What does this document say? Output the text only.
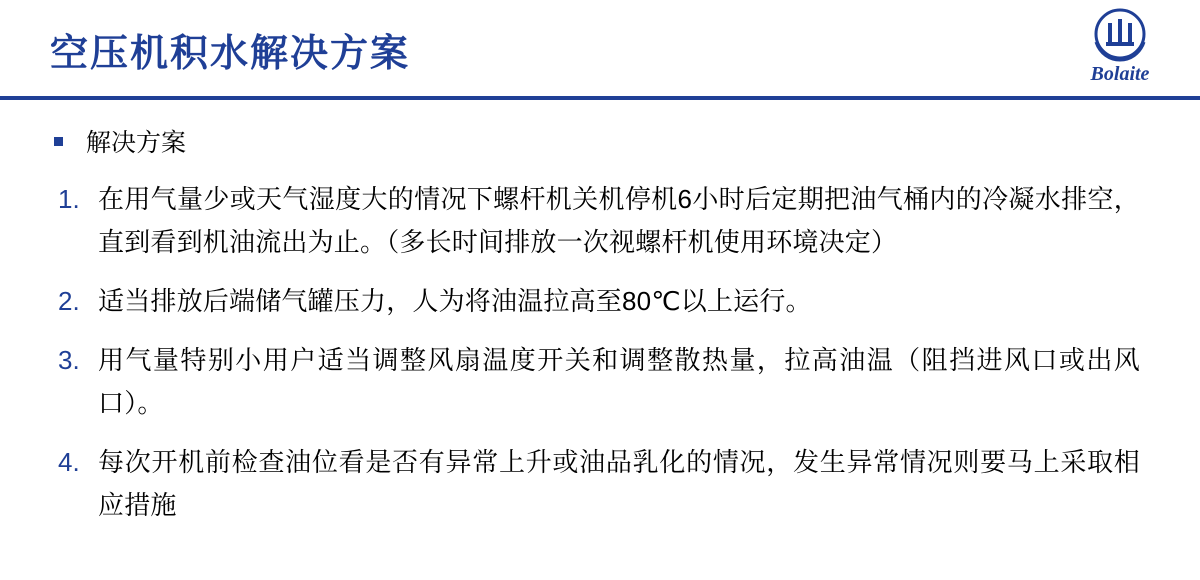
空压机积水解决方案	Bolaite
解决方案
1. 在用气量少或天气湿度大的情况下螺杆机关机停机6小时后定期把油气桶内的冷凝水排空，直到看到机油流出为止。（多长时间排放一次视螺杆机使用环境决定）
2. 适当排放后端储气罐压力，人为将油温拉高至80℃以上运行。
3. 用气量特别小用户适当调整风扇温度开关和调整散热量，拉高油温（阻挡进风口或出风口）。
4. 每次开机前检查油位看是否有异常上升或油品乳化的情况，发生异常情况则要马上采取相应措施
